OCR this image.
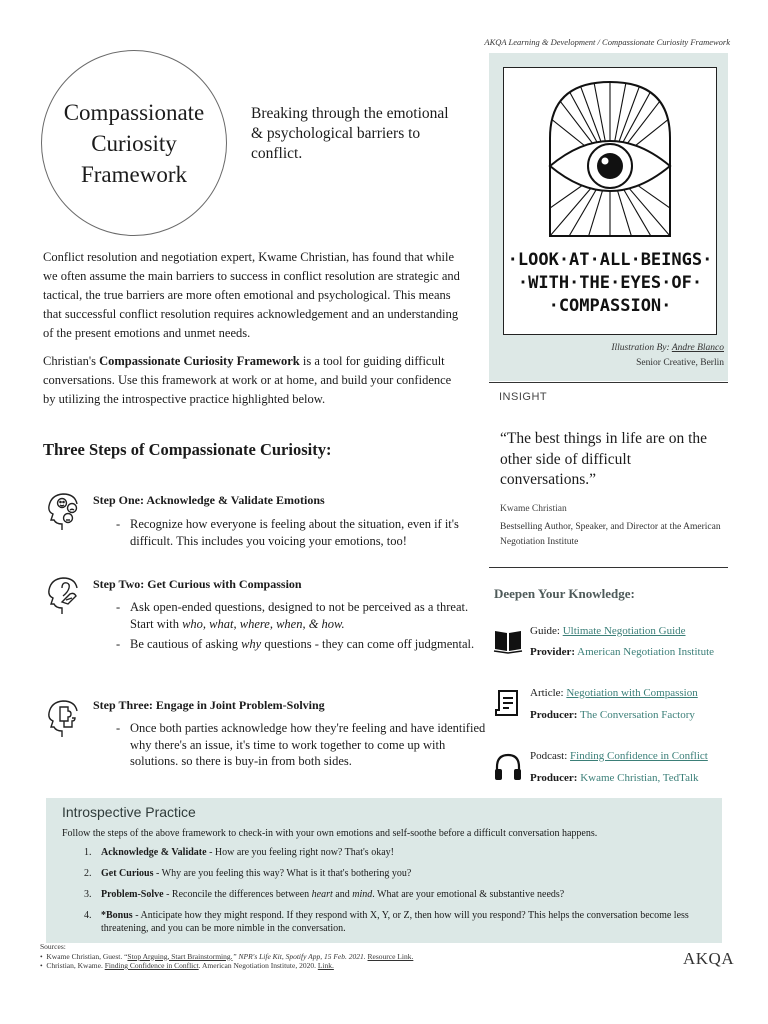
AKQA Learning & Development / Compassionate Curiosity Framework
Compassionate
Curiosity
Framework
Breaking through the emotional & psychological barriers to conflict.

Conflict resolution and negotiation expert, Kwame Christian, has found that while we often assume the main barriers to success in conflict resolution are strategic and tactical, the true barriers are more often emotional and psychological. This means that successful conflict resolution requires acknowledgement and an understanding of the present emotions and unmet needs.

Christian's Compassionate Curiosity Framework is a tool for guiding difficult conversations. Use this framework at work or at home, and build your confidence by utilizing the introspective practice highlighted below.

Three Steps of Compassionate Curiosity:
Step One: Acknowledge & Validate Emotions
- Recognize how everyone is feeling about the situation, even if it's difficult. This includes you voicing your emotions, too!
Step Two: Get Curious with Compassion
- Ask open-ended questions, designed to not be perceived as a threat. Start with who, what, where, when, & how.
- Be cautious of asking why questions - they can come off judgmental.
Step Three: Engage in Joint Problem-Solving
- Once both parties acknowledge how they're feeling and have identified why there's an issue, it's time to work together to come up with solutions. so there is buy-in from both sides.
·LOOK·AT·ALL·BEINGS·
·WITH·THE·EYES·OF·
·COMPASSION·
Illustration By: Andre Blanco
Senior Creative, Berlin
INSIGHT
“The best things in life are on the other side of difficult conversations.”
Kwame Christian
Bestselling Author, Speaker, and Director at the American Negotiation Institute
Deepen Your Knowledge:
Guide: Ultimate Negotiation Guide
Provider: American Negotiation Institute
Article: Negotiation with Compassion
Producer: The Conversation Factory
Podcast: Finding Confidence in Conflict
Producer: Kwame Christian, TedTalk
Introspective Practice
Follow the steps of the above framework to check-in with your own emotions and self-soothe before a difficult conversation happens.
1. Acknowledge & Validate - How are you feeling right now? That's okay!
2. Get Curious - Why are you feeling this way? What is it that's bothering you?
3. Problem-Solve - Reconcile the differences between heart and mind. What are your emotional & substantive needs?
4. *Bonus - Anticipate how they might respond. If they respond with X, Y, or Z, then how will you respond? This helps the conversation become less threatening, and you can be more nimble in the conversation.
Sources:
•  Kwame Christian, Guest. “Stop Arguing, Start Brainstorming.” NPR's Life Kit, Spotify App, 15 Feb. 2021. Resource Link.
•  Christian, Kwame. Finding Confidence in Conflict. American Negotiation Institute, 2020. Link.	AKQA
